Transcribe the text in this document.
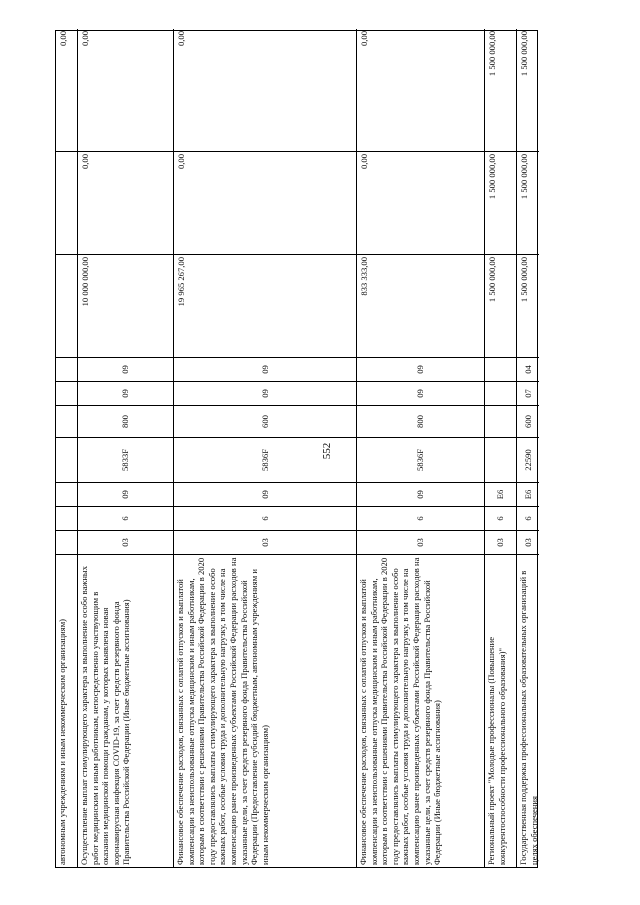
552
автономным учреждениям и иным некоммерческим организациям)
0,00
Осуществление выплат стимулирующего характера за выполнение особо важных работ медицинским и иным работникам, непосредственно участвующим в оказании медицинской помощи гражданам, у которых выявлена новая коронавирусная инфекция COVID-19, за счет средств резервного фонда Правительства Российской Федерации (Иные бюджетные ассигнования)
03
6
09
5833F
800
09
09
10 000 000,00
0,00
0,00
Финансовое обеспечение расходов, связанных с оплатой отпусков и выплатой компенсации за неиспользованные отпуска медицинским и иным работникам, которым в соответствии с решениями Правительства Российской Федерации в 2020 году предоставлялись выплаты стимулирующего характера за выполнение особо важных работ, особые условия труда и дополнительную нагрузку, в том числе на компенсацию ранее произведенных субъектами Российской Федерации расходов на указанные цели, за счет средств резервного фонда Правительства Российской Федерации (Предоставление субсидий бюджетным, автономным учреждениям и иным некоммерческим организациям)
03
6
09
5836F
600
09
09
19 965 267,00
0,00
0,00
Финансовое обеспечение расходов, связанных с оплатой отпусков и выплатой компенсации за неиспользованные отпуска медицинским и иным работникам, которым в соответствии с решениями Правительства Российской Федерации в 2020 году предоставлялись выплаты стимулирующего характера за выполнение особо важных работ, особые условия труда и дополнительную нагрузку, в том числе на компенсацию ранее произведенных субъектами Российской Федерации расходов на указанные цели, за счет средств резервного фонда Правительства Российской Федерации (Иные бюджетные ассигнования)
03
6
09
5836F
800
09
09
833 333,00
0,00
0,00
Региональный проект "Молодые профессионалы (Повышение конкурентоспособности профессионального образования)"
03
6
Е6
1 500 000,00
1 500 000,00
1 500 000,00
Государственная поддержка профессиональных образовательных организаций в целях обеспечения
03
6
Е6
22590
600
07
04
1 500 000,00
1 500 000,00
1 500 000,00
